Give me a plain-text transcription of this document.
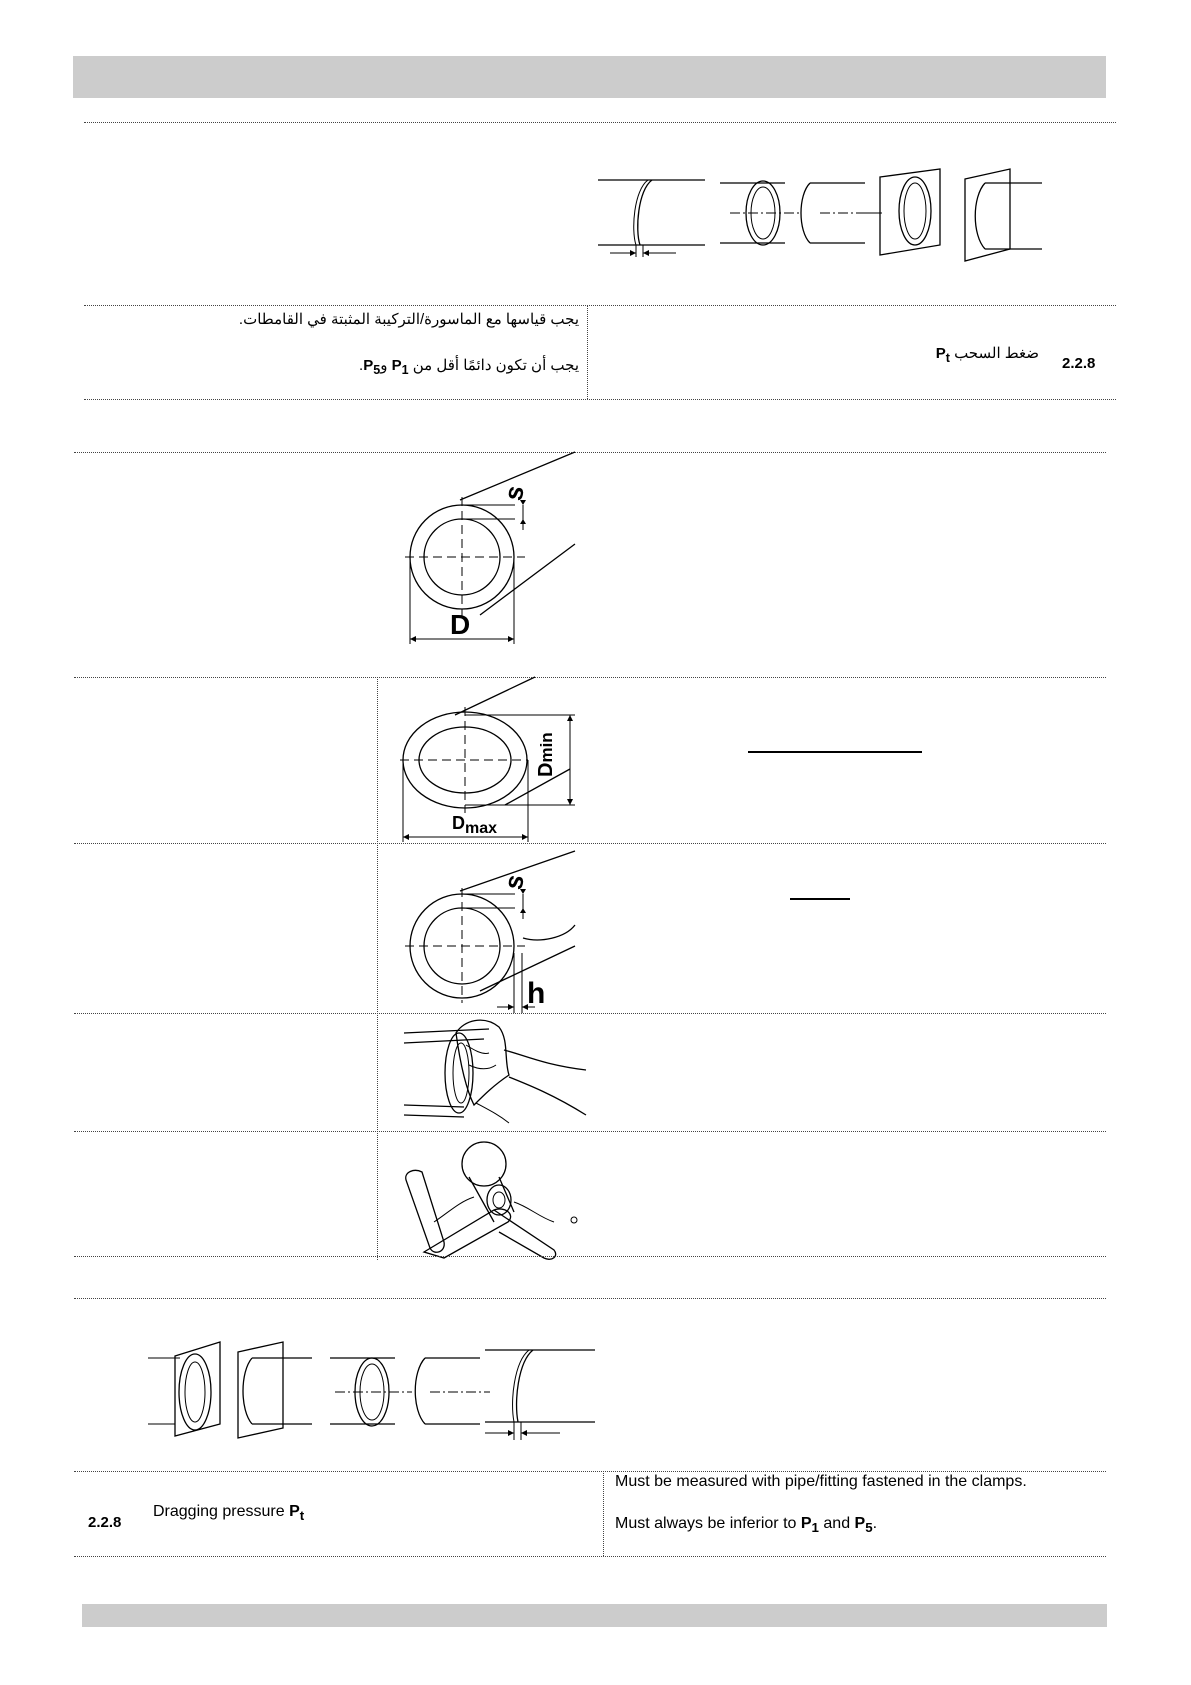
يجب قياسها مع الماسورة/التركيبة المثبتة في القامطات.
يجب أن تكون دائمًا أقل من $P_1$ وP$_5$.
ضغط السحب $P_t$	2.2.8
s
D
Dmin
Dmax
s
h
2.2.8
Dragging pressure $P_t$
Must be measured with pipe/fitting fastened in the clamps.
Must always be inferior to $P_1$ and $P_5$.
